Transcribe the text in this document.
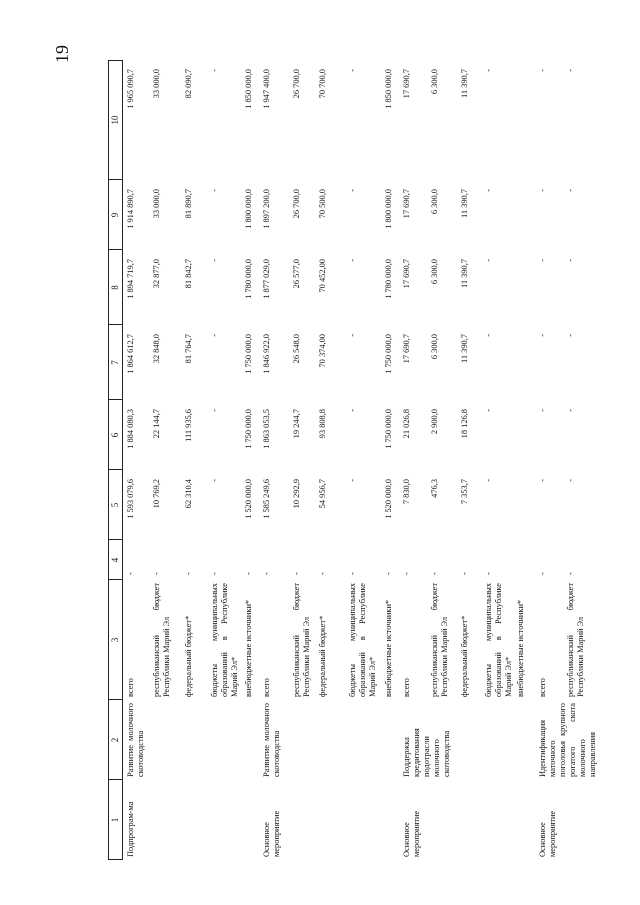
19
1
2
3
4
5
6
7
8
9
10
Подпрограм-ма
Развитие молочного скотоводства
всего
-
1 593 079,6
1 884 080,3
1 864 612,7
1 894 719,7
1 914 890,7
1 965 090,7
республиканский бюджет Республики Марий Эл
-
10 769,2
22 144,7
32 848,0
32 877,0
33 000,0
33 000,0
федеральный бюджет*
-
62 310,4
111 935,6
81 764,7
81 842,7
81 890,7
82 090,7
бюджеты муниципальных образований в Республике Марий Эл*
-
-
-
-
-
-
-
внебюджетные источники*
-
1 520 000,0
1 750 000,0
1 750 000,0
1 780 000,0
1 800 000,0
1 850 000,0
Основное мероприятие
Развитие молочного скотоводства
всего
-
1 585 249,6
1 863 053,5
1 846 922,0
1 877 029,0
1 897 200,0
1 947 400,0
республиканский бюджет Республики Марий Эл
-
10 292,9
19 244,7
26 548,0
26 577,0
26 700,0
26 700,0
федеральный бюджет*
-
54 956,7
93 808,8
70 374,00
70 452,00
70 500,0
70 700,0
бюджеты муниципальных образований в Республике Марий Эл*
-
-
-
-
-
-
-
внебюджетные источники*
-
1 520 000,0
1 750 000,0
1 750 000,0
1 780 000,0
1 800 000,0
1 850 000,0
Основное мероприятие
Поддержка кредитования подотрасли молочного скотоводства
всего
-
7 830,0
21 026,8
17 690,7
17 690,7
17 690,7
17 690,7
республиканский бюджет Республики Марий Эл
-
476,3
2 900,0
6 300,0
6 300,0
6 300,0
6 300,0
федеральный бюджет*
-
7 353,7
18 126,8
11 390,7
11 390,7
11 390,7
11 390,7
бюджеты муниципальных образований в Республике Марий Эл*
-
-
-
-
-
-
-
внебюджетные источники*
Основное мероприятие
Идентификация маточного поголовья крупного рогатого скота молочного направления
всего
-
-
-
-
-
-
-
республиканский бюджет Республики Марий Эл
-
-
-
-
-
-
-
